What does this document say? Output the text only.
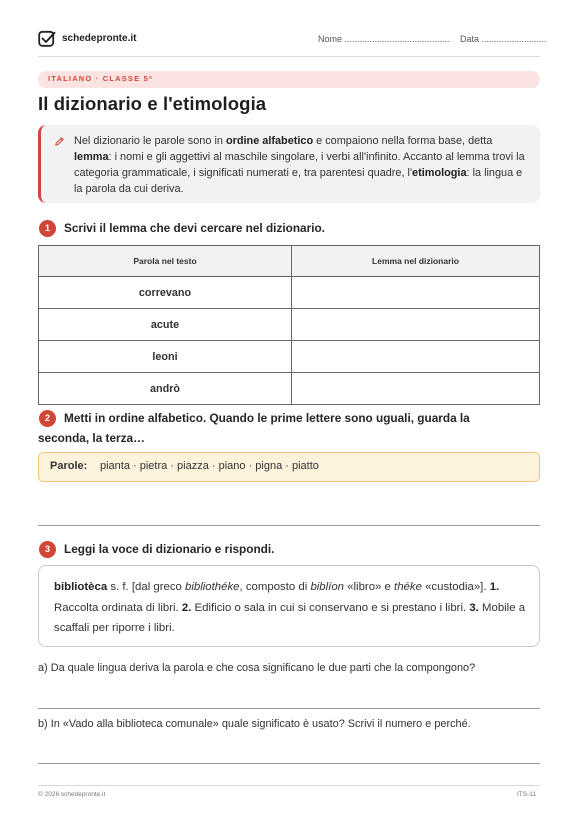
schedepronte.it	Nome .......................................... Data ..........................
ITALIANO · CLASSE 5ª
Il dizionario e l'etimologia
Nel dizionario le parole sono in ordine alfabetico e compaiono nella forma base, detta lemma: i nomi e gli aggettivi al maschile singolare, i verbi all'infinito. Accanto al lemma trovi la categoria grammaticale, i significati numerati e, tra parentesi quadre, l'etimologia: la lingua e la parola da cui deriva.
1	Scrivi il lemma che devi cercare nel dizionario.
Parola nel testo	Lemma nel dizionario
correvano	
acute	
leoni	
andrò	
2	Metti in ordine alfabetico. Quando le prime lettere sono uguali, guarda la
seconda, la terza…
Parole: pianta · pietra · piazza · piano · pigna · piatto
3	Leggi la voce di dizionario e rispondi.
bibliotèca s. f. [dal greco bibliothéke, composto di biblíon «libro» e théke «custodia»]. 1. Raccolta ordinata di libri. 2. Edificio o sala in cui si conservano e si prestano i libri. 3. Mobile a scaffali per riporre i libri.
a) Da quale lingua deriva la parola e che cosa significano le due parti che la compongono?
b) In «Vado alla biblioteca comunale» quale significato è usato? Scrivi il numero e perché.
© 2026 schedepronte.it	ITS-11
